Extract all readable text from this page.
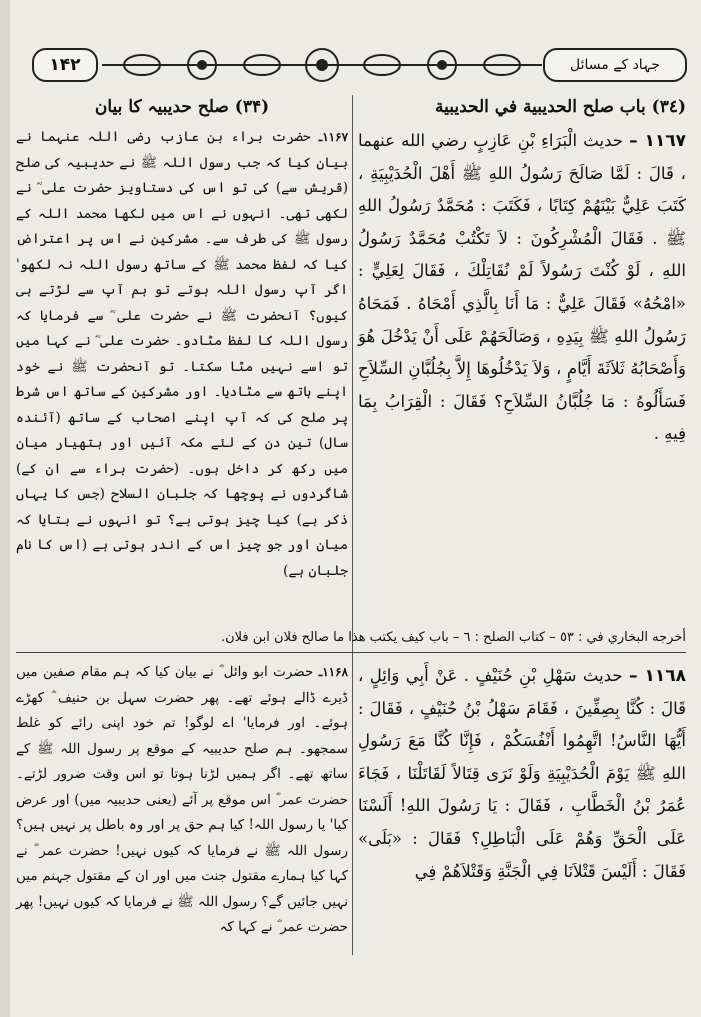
۱۴۲	جہاد کے مسائل
(٣٤) باب صلح الحديبية في الحديبية

١١٦٧ – حديث الْبَرَاءِ بْنِ عَازِبٍ رضي الله عنهما ، قَالَ : لَمَّا صَالَحَ رَسُولُ اللهِ ﷺ أَهْلَ الْحُدَيْبِيَةِ ، كَتَبَ عَلِيٌّ بَيْنَهُمْ كِتَابًا ، فَكَتَبَ : مُحَمَّدٌ رَسُولُ اللهِ ﷺ . فَقَالَ الْمُشْرِكُونَ : لاَ تَكْتُبْ مُحَمَّدٌ رَسُولُ اللهِ ، لَوْ كُنْتَ رَسُولاً لَمْ نُقَاتِلْكَ ، فَقَالَ لِعَلِيٍّ : «امْحُهُ» فَقَالَ عَلِيٌّ : مَا أَنَا بِالَّذِي أَمْحَاهُ . فَمَحَاهُ رَسُولُ اللهِ ﷺ بِيَدِهِ ، وَصَالَحَهُمْ عَلَى أَنْ يَدْخُلَ هُوَ وَأَصْحَابُهُ ثَلاَثَةَ أَيَّامٍ ، وَلاَ يَدْخُلُوهَا إِلاَّ بِجُلُبَّانِ السِّلاَحِ فَسَأَلُوهُ : مَا جُلُبَّانُ السِّلاَحِ؟ فَقَالَ : الْقِرَابُ بِمَا فِيهِ .

(۳۴) صلح حدیبیہ کا بیان

۱۱۶۷ـ حضرت براء بن عازب رضی اللہ عنہما نے بیان کیا کہ جب رسول اللہ ﷺ نے حدیبیہ کی صلح (قریش سے) کی تو اس کی دستاویز حضرت علی ؓ نے لکھی تھی۔ انہوں نے اس میں لکھا محمد اللہ کے رسول ﷺ کی طرف سے۔ مشرکین نے اس پر اعتراض کیا کہ لفظ محمد ﷺ کے ساتھ رسول اللہ نہ لکھو' اگر آپ رسول اللہ ہوتے تو ہم آپ سے لڑتے ہی کیوں؟ آنحضرت ﷺ نے حضرت علی ؓ سے فرمایا کہ رسول اللہ کا لفظ مٹادو۔ حضرت علی ؓ نے کہا میں تو اسے نہیں مٹا سکتا۔ تو آنحضرت ﷺ نے خود اپنے ہاتھ سے مٹادیا۔ اور مشرکین کے ساتھ اس شرط پر صلح کی کہ آپ اپنے اصحاب کے ساتھ (آئندہ سال) تین دن کے لئے مکہ آئیں اور ہتھیار میان میں رکھ کر داخل ہوں۔ (حضرت براء سے ان کے) شاگردوں نے پوچھا کہ جلبان السلاح (جس کا یہاں ذکر ہے) کیا چیز ہوتی ہے؟ تو انہوں نے بتایا کہ میان اور جو چیز اس کے اندر ہوتی ہے (اس کا نام جلبان ہے)

أخرجه البخاري في : ٥٣ – كتاب الصلح : ٦ – باب كيف يكتب هذا ما صالح فلان ابن فلان.

١١٦٨ – حديث سَهْلِ بْنِ حُنَيْفٍ . عَنْ أَبِي وَائِلٍ ، قَالَ : كُنَّا بِصِفِّينَ ، فَقَامَ سَهْلُ بْنُ حُنَيْفٍ ، فَقَالَ : أَيُّهَا النَّاسُ! اتَّهِمُوا أَنْفُسَكُمْ ، فَإِنَّا كُنَّا مَعَ رَسُولِ اللهِ ﷺ يَوْمَ الْحُدَيْبِيَةِ وَلَوْ نَرَى قِتَالاً لَقَاتَلْنَا ، فَجَاءَ عُمَرُ بْنُ الْخَطَّابِ ، فَقَالَ : يَا رَسُولَ اللهِ! أَلَسْنَا عَلَى الْحَقِّ وَهُمْ عَلَى الْبَاطِلِ؟ فَقَالَ : «بَلَى» فَقَالَ : أَلَيْسَ قَتْلاَنَا فِي الْجَنَّةِ وَقَتْلاَهُمْ فِي

۱۱۶۸ـ حضرت ابو وائل ؓ نے بیان کیا کہ ہم مقام صفین میں ڈیرے ڈالے ہوئے تھے۔ پھر حضرت سہل بن حنیف ؓ کھڑے ہوئے۔ اور فرمایا' اے لوگو! تم خود اپنی رائے کو غلط سمجھو۔ ہم صلح حدیبیہ کے موقع پر رسول اللہ ﷺ کے ساتھ تھے۔ اگر ہمیں لڑنا ہوتا تو اس وقت ضرور لڑتے۔ حضرت عمر ؓ اس موقع پر آئے (یعنی حدیبیہ میں) اور عرض کیا' یا رسول اللہ! کیا ہم حق پر اور وہ باطل پر نہیں ہیں؟ رسول اللہ ﷺ نے فرمایا کہ کیوں نہیں! حضرت عمر ؓ نے کہا کیا ہمارے مقتول جنت میں اور ان کے مقتول جہنم میں نہیں جائیں گے؟ رسول اللہ ﷺ نے فرمایا کہ کیوں نہیں! پھر حضرت عمر ؓ نے کہا کہ
